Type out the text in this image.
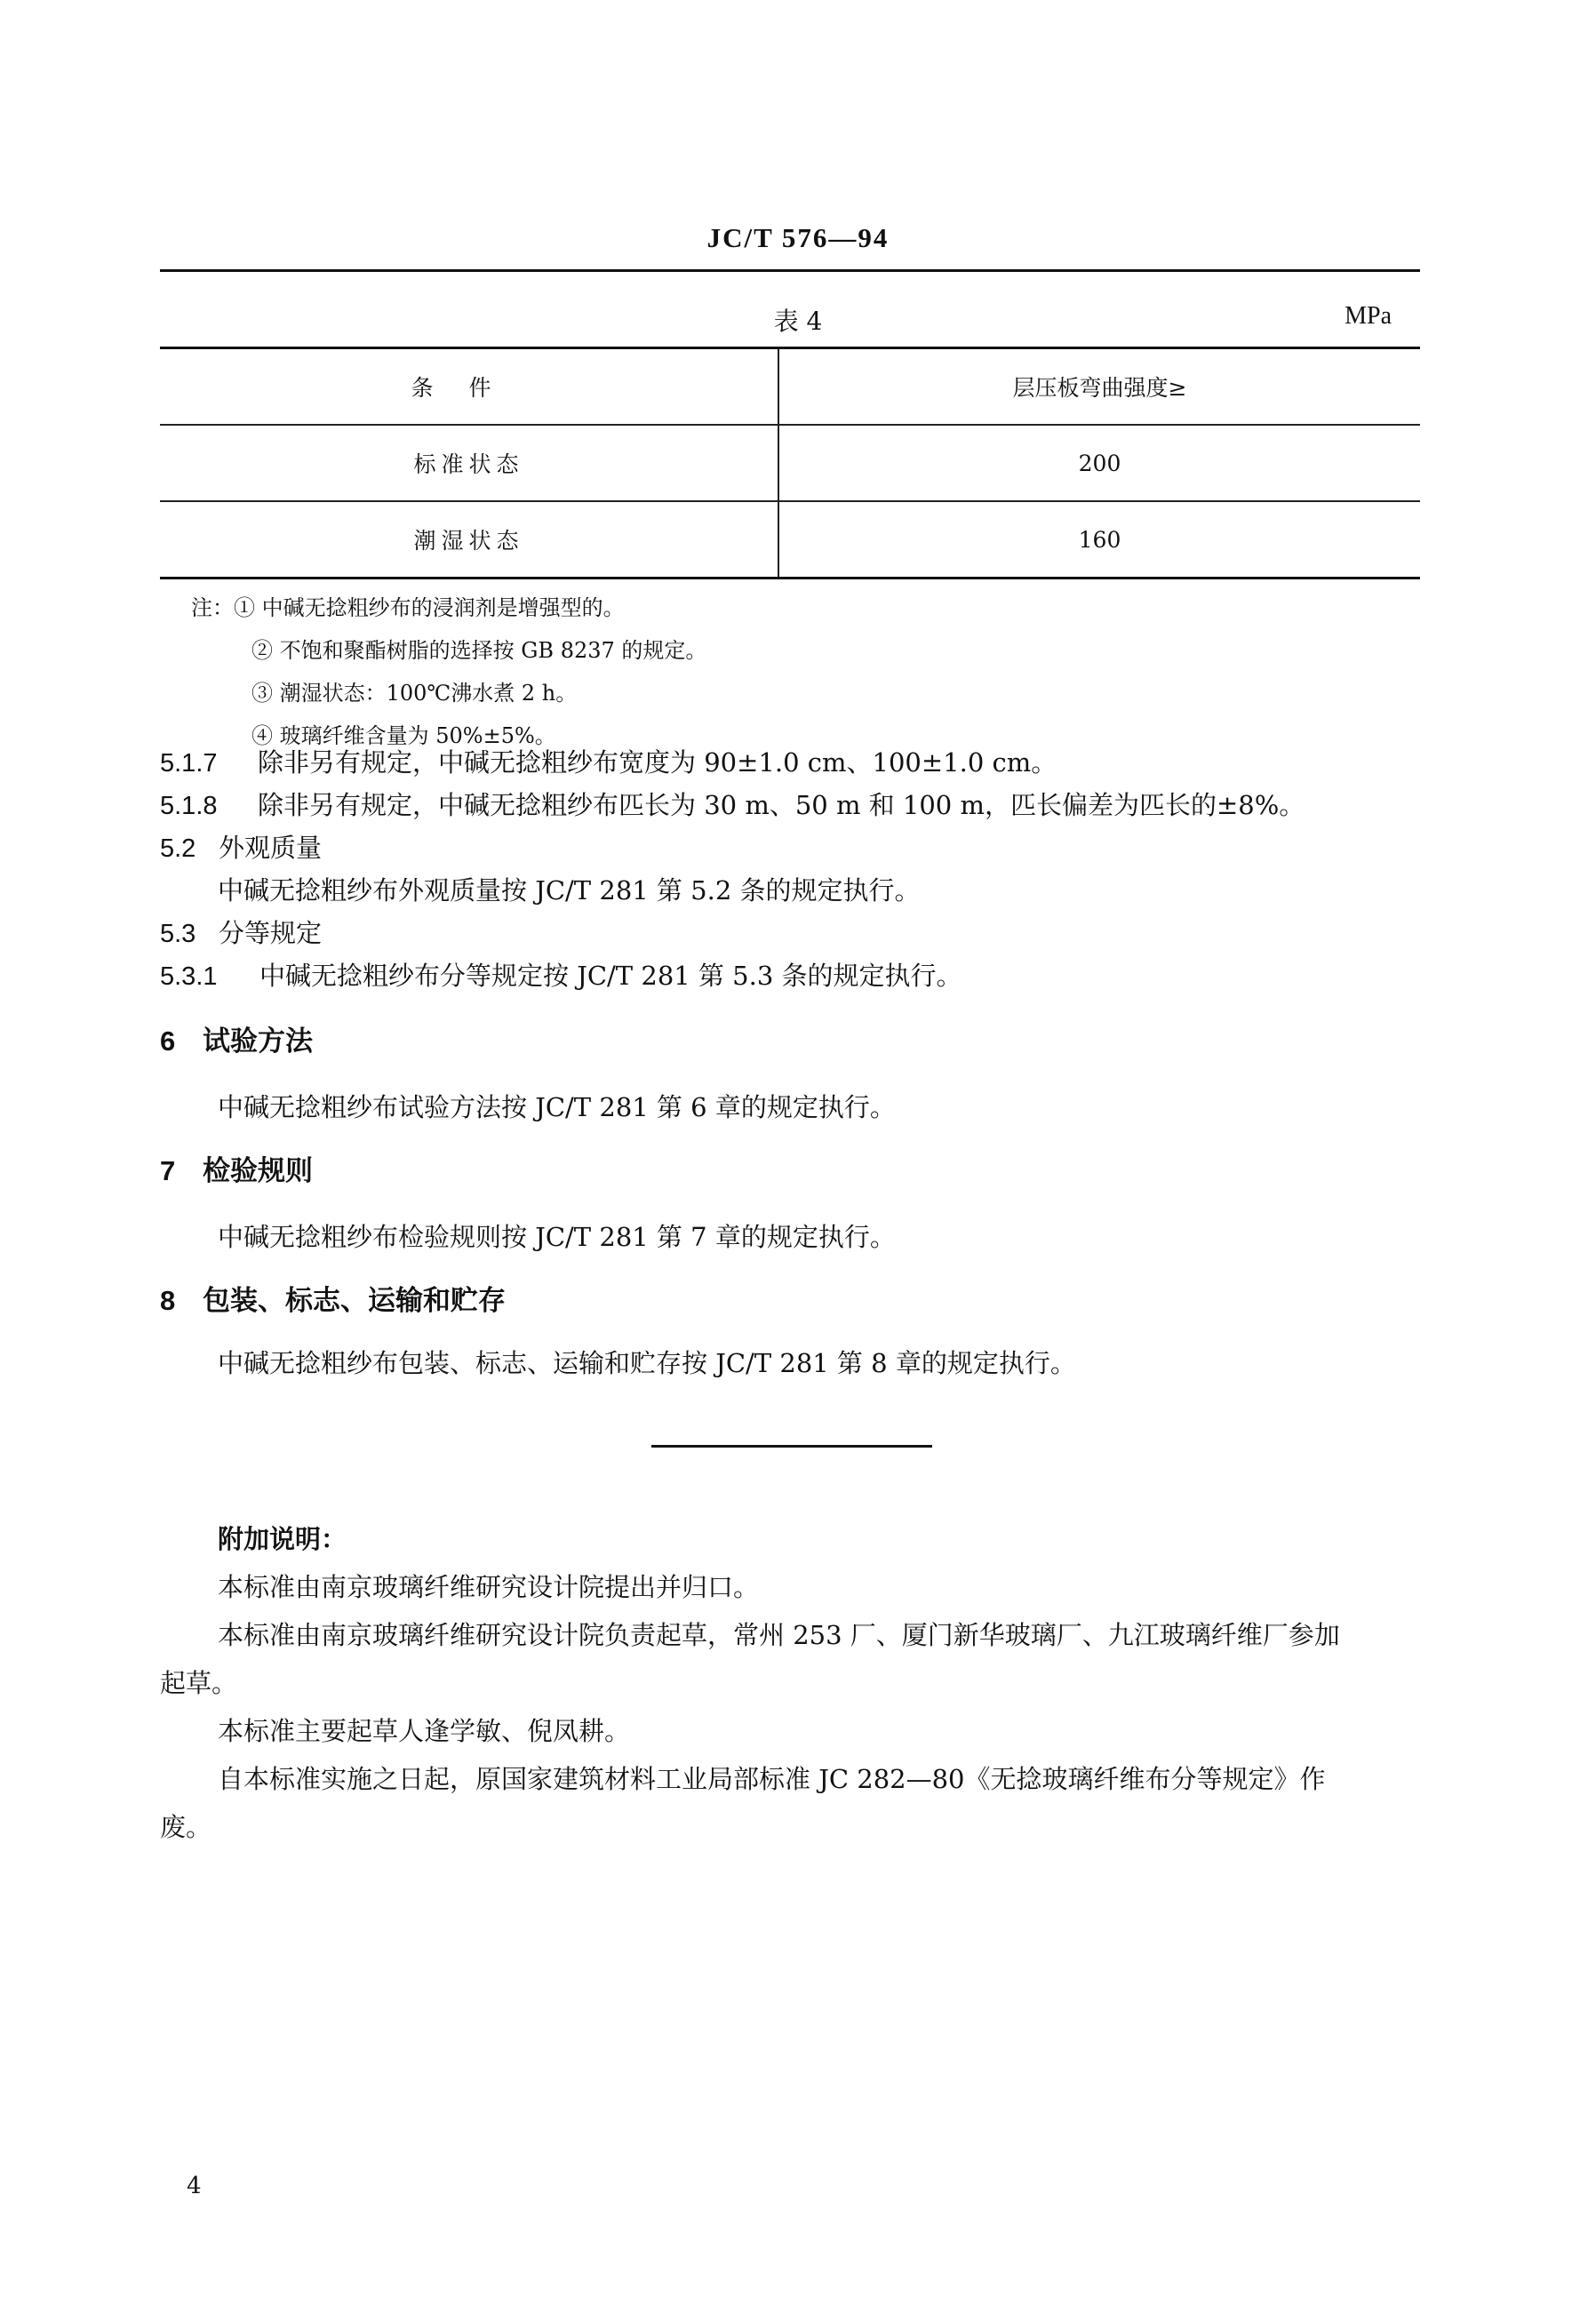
JC/T 576—94
表 4	MPa
条件	层压板弯曲强度≥
标准状态	200
潮湿状态	160
注：① 中碱无捻粗纱布的浸润剂是增强型的。
② 不饱和聚酯树脂的选择按 GB 8237 的规定。
③ 潮湿状态：100℃沸水煮 2 h。
④ 玻璃纤维含量为 50%±5%。
5.1.7 除非另有规定，中碱无捻粗纱布宽度为 90±1.0 cm、100±1.0 cm。
5.1.8 除非另有规定，中碱无捻粗纱布匹长为 30 m、50 m 和 100 m，匹长偏差为匹长的±8%。
5.2 外观质量
中碱无捻粗纱布外观质量按 JC/T 281 第 5.2 条的规定执行。
5.3 分等规定
5.3.1 中碱无捻粗纱布分等规定按 JC/T 281 第 5.3 条的规定执行。
6 试验方法
中碱无捻粗纱布试验方法按 JC/T 281 第 6 章的规定执行。
7 检验规则
中碱无捻粗纱布检验规则按 JC/T 281 第 7 章的规定执行。
8 包装、标志、运输和贮存
中碱无捻粗纱布包装、标志、运输和贮存按 JC/T 281 第 8 章的规定执行。
附加说明：
本标准由南京玻璃纤维研究设计院提出并归口。
本标准由南京玻璃纤维研究设计院负责起草，常州 253 厂、厦门新华玻璃厂、九江玻璃纤维厂参加
起草。
本标准主要起草人逢学敏、倪凤耕。
自本标准实施之日起，原国家建筑材料工业局部标准 JC 282—80《无捻玻璃纤维布分等规定》作
废。
4
